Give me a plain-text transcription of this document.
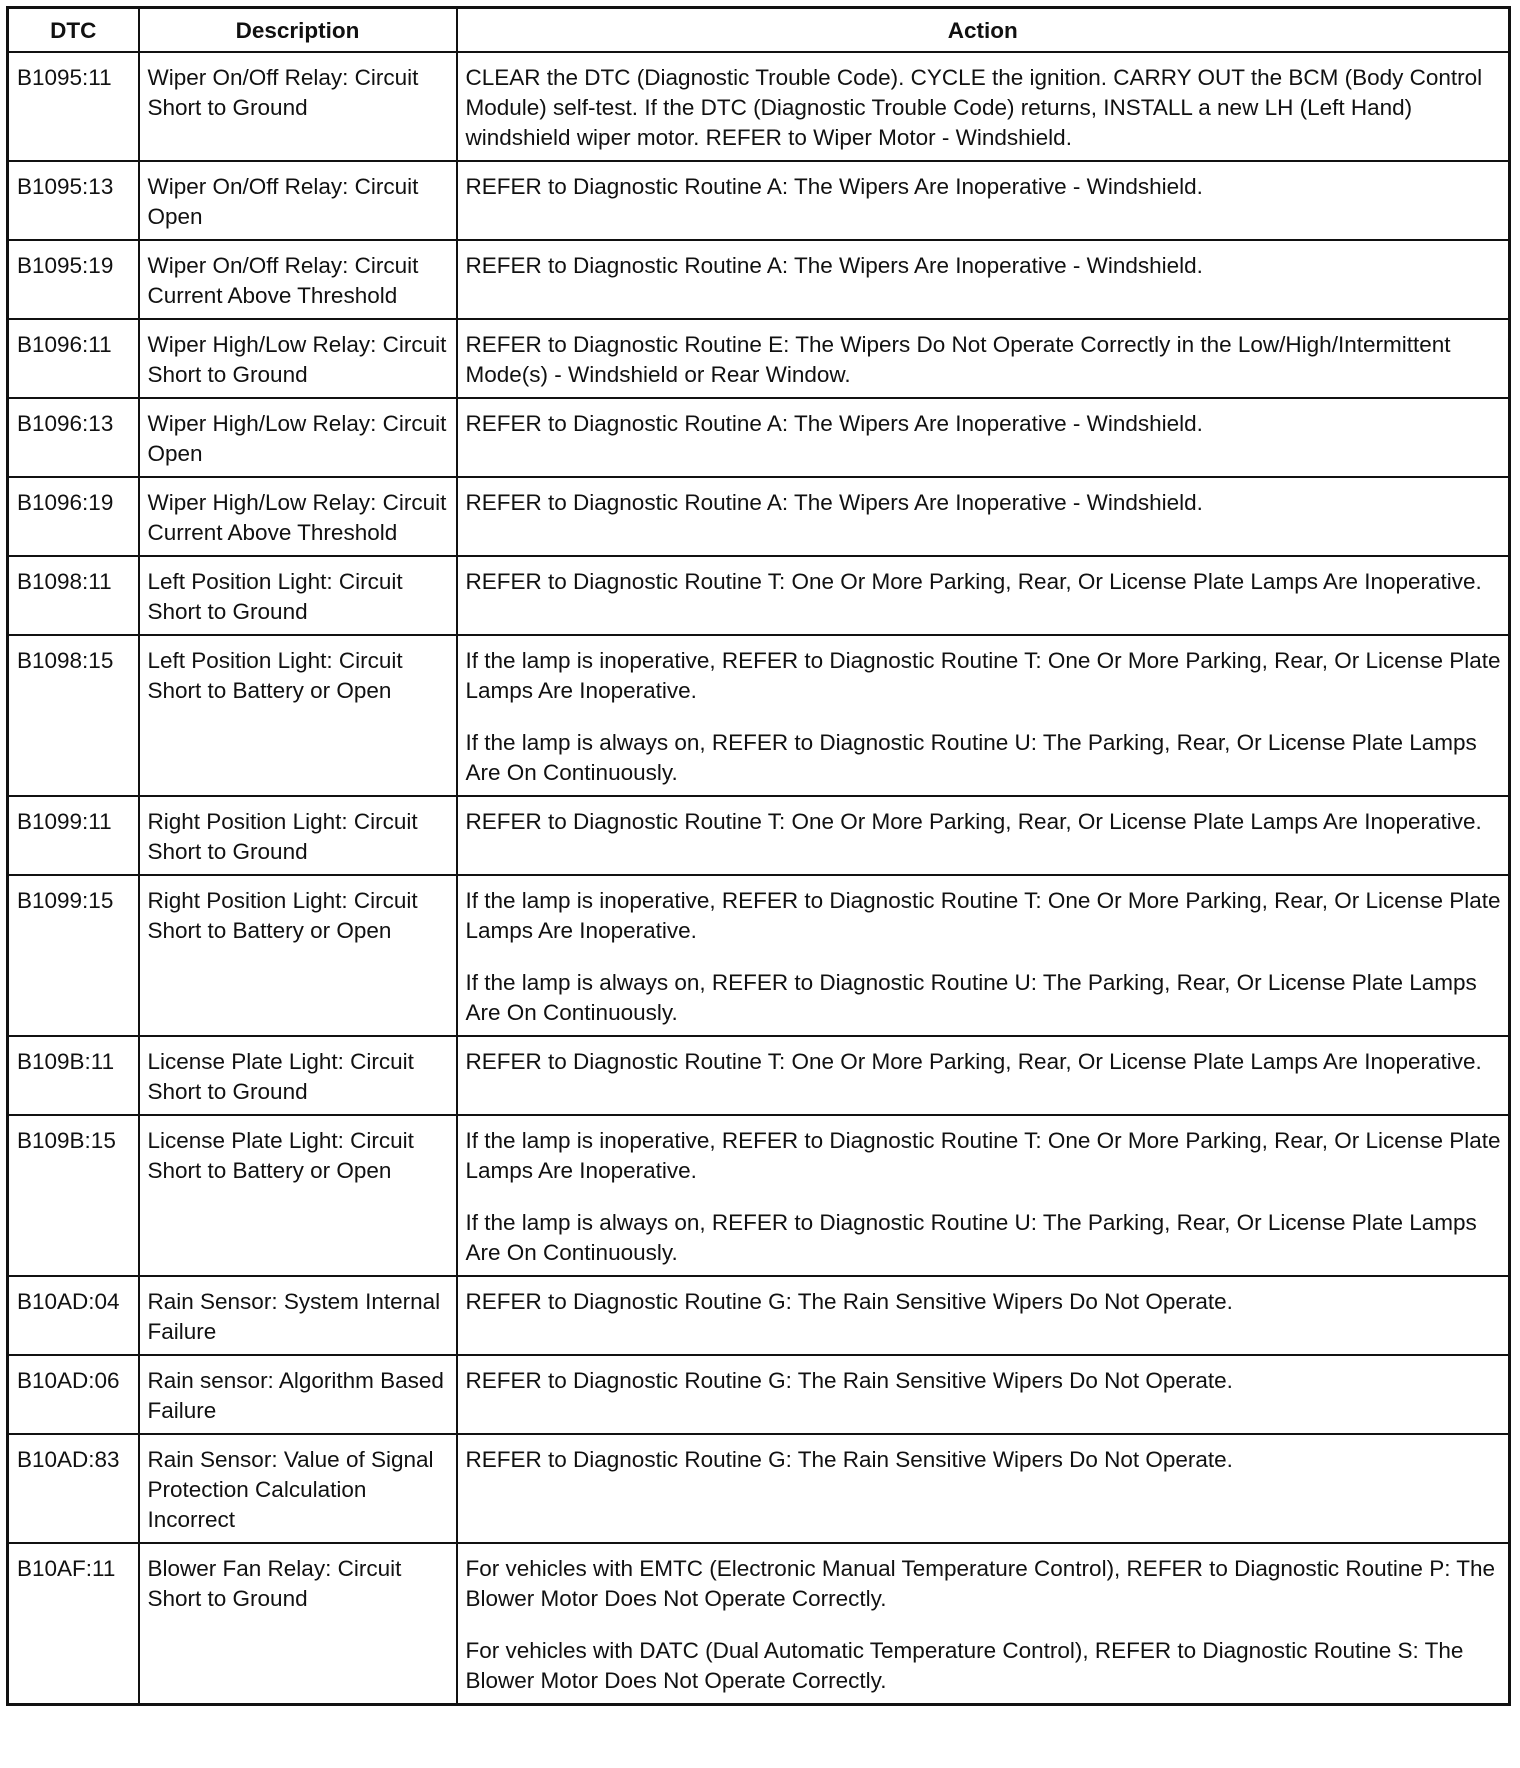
DTC	Description	Action
B1095:11	Wiper On/Off Relay: Circuit Short to Ground	CLEAR the DTC (Diagnostic Trouble Code). CYCLE the ignition. CARRY OUT the BCM (Body Control Module) self-test. If the DTC (Diagnostic Trouble Code) returns, INSTALL a new LH (Left Hand) windshield wiper motor. REFER to Wiper Motor - Windshield.

B1095:13	Wiper On/Off Relay: Circuit Open	REFER to Diagnostic Routine A: The Wipers Are Inoperative - Windshield.

B1095:19	Wiper On/Off Relay: Circuit Current Above Threshold	REFER to Diagnostic Routine A: The Wipers Are Inoperative - Windshield.

B1096:11	Wiper High/Low Relay: Circuit Short to Ground	REFER to Diagnostic Routine E: The Wipers Do Not Operate Correctly in the Low/High/Intermittent Mode(s) - Windshield or Rear Window.

B1096:13	Wiper High/Low Relay: Circuit Open	REFER to Diagnostic Routine A: The Wipers Are Inoperative - Windshield.

B1096:19	Wiper High/Low Relay: Circuit Current Above Threshold	REFER to Diagnostic Routine A: The Wipers Are Inoperative - Windshield.

B1098:11	Left Position Light: Circuit Short to Ground	REFER to Diagnostic Routine T: One Or More Parking, Rear, Or License Plate Lamps Are Inoperative.

B1098:15	Left Position Light: Circuit Short to Battery or Open	If the lamp is inoperative, REFER to Diagnostic Routine T: One Or More Parking, Rear, Or License Plate Lamps Are Inoperative.

If the lamp is always on, REFER to Diagnostic Routine U: The Parking, Rear, Or License Plate Lamps Are On Continuously.

B1099:11	Right Position Light: Circuit Short to Ground	REFER to Diagnostic Routine T: One Or More Parking, Rear, Or License Plate Lamps Are Inoperative.

B1099:15	Right Position Light: Circuit Short to Battery or Open	If the lamp is inoperative, REFER to Diagnostic Routine T: One Or More Parking, Rear, Or License Plate Lamps Are Inoperative.

If the lamp is always on, REFER to Diagnostic Routine U: The Parking, Rear, Or License Plate Lamps Are On Continuously.

B109B:11	License Plate Light: Circuit Short to Ground	REFER to Diagnostic Routine T: One Or More Parking, Rear, Or License Plate Lamps Are Inoperative.

B109B:15	License Plate Light: Circuit Short to Battery or Open	If the lamp is inoperative, REFER to Diagnostic Routine T: One Or More Parking, Rear, Or License Plate Lamps Are Inoperative.

If the lamp is always on, REFER to Diagnostic Routine U: The Parking, Rear, Or License Plate Lamps Are On Continuously.

B10AD:04	Rain Sensor: System Internal Failure	REFER to Diagnostic Routine G: The Rain Sensitive Wipers Do Not Operate.

B10AD:06	Rain sensor: Algorithm Based Failure	REFER to Diagnostic Routine G: The Rain Sensitive Wipers Do Not Operate.

B10AD:83	Rain Sensor: Value of Signal Protection Calculation Incorrect	REFER to Diagnostic Routine G: The Rain Sensitive Wipers Do Not Operate.

B10AF:11	Blower Fan Relay: Circuit Short to Ground	For vehicles with EMTC (Electronic Manual Temperature Control), REFER to Diagnostic Routine P: The Blower Motor Does Not Operate Correctly.

For vehicles with DATC (Dual Automatic Temperature Control), REFER to Diagnostic Routine S: The Blower Motor Does Not Operate Correctly.
